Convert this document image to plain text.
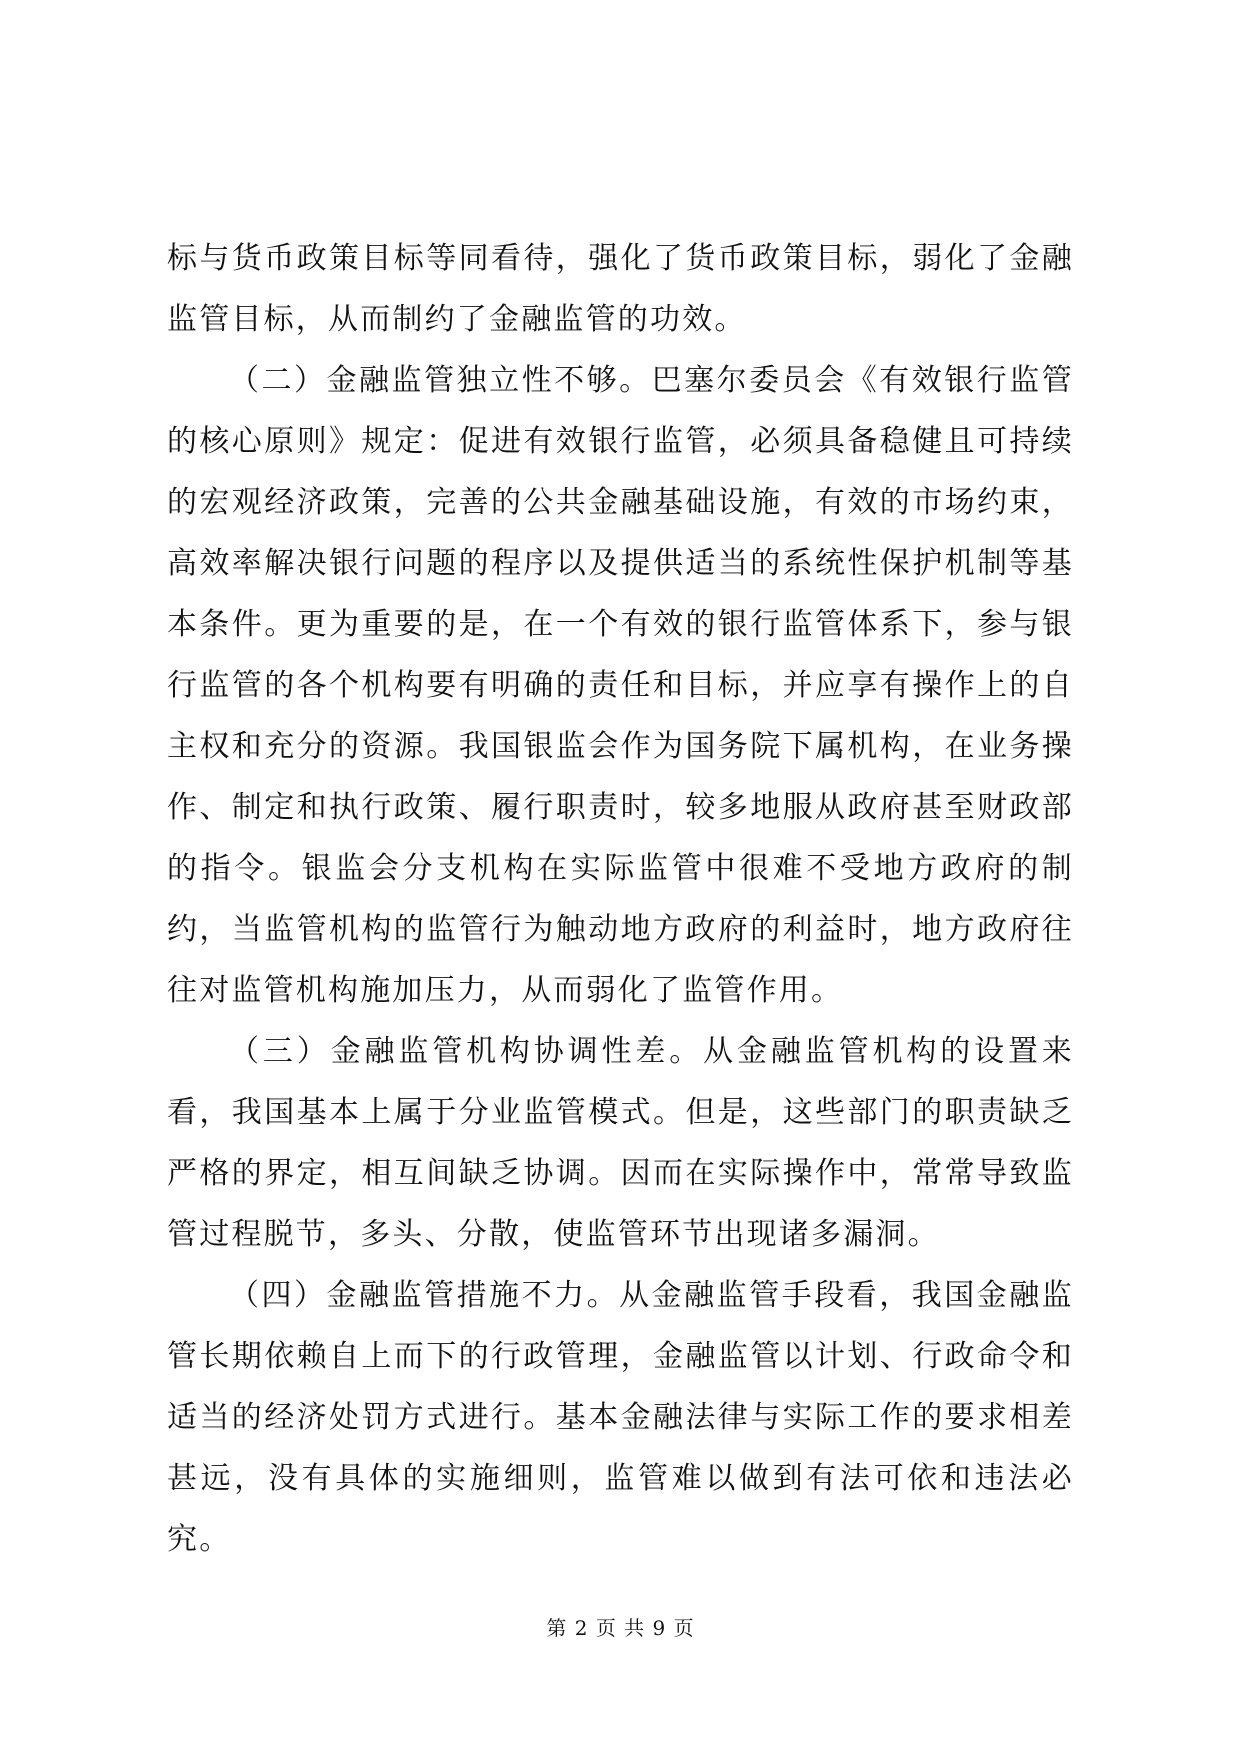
标与货币政策目标等同看待，强化了货币政策目标，弱化了金融监管目标，从而制约了金融监管的功效。

（二）金融监管独立性不够。巴塞尔委员会《有效银行监管的核心原则》规定：促进有效银行监管，必须具备稳健且可持续的宏观经济政策，完善的公共金融基础设施，有效的市场约束，高效率解决银行问题的程序以及提供适当的系统性保护机制等基本条件。更为重要的是，在一个有效的银行监管体系下，参与银行监管的各个机构要有明确的责任和目标，并应享有操作上的自主权和充分的资源。我国银监会作为国务院下属机构，在业务操作、制定和执行政策、履行职责时，较多地服从政府甚至财政部的指令。银监会分支机构在实际监管中很难不受地方政府的制约，当监管机构的监管行为触动地方政府的利益时，地方政府往往对监管机构施加压力，从而弱化了监管作用。

（三）金融监管机构协调性差。从金融监管机构的设置来看，我国基本上属于分业监管模式。但是，这些部门的职责缺乏严格的界定，相互间缺乏协调。因而在实际操作中，常常导致监管过程脱节，多头、分散，使监管环节出现诸多漏洞。

（四）金融监管措施不力。从金融监管手段看，我国金融监管长期依赖自上而下的行政管理，金融监管以计划、行政命令和适当的经济处罚方式进行。基本金融法律与实际工作的要求相差甚远，没有具体的实施细则，监管难以做到有法可依和违法必究。

第 2 页 共 9 页
